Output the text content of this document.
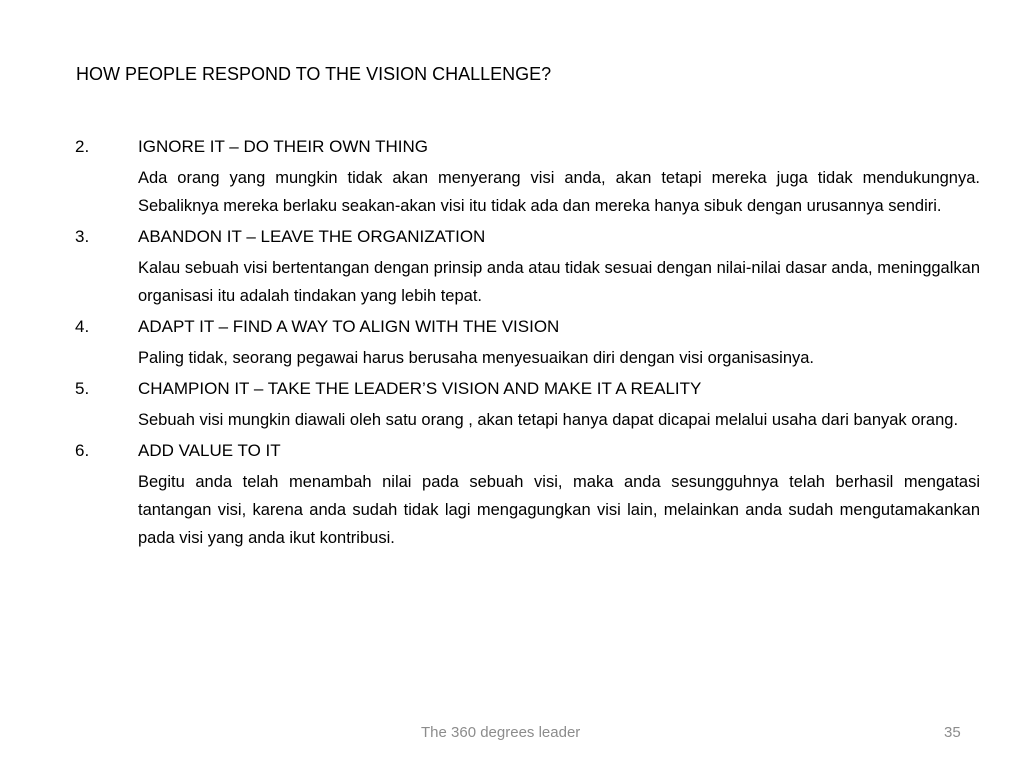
HOW PEOPLE RESPOND TO THE VISION CHALLENGE?
2.	IGNORE IT – DO THEIR OWN THING
Ada orang yang mungkin tidak akan menyerang visi anda, akan tetapi mereka juga tidak mendukungnya. Sebaliknya mereka berlaku seakan-akan visi itu tidak ada dan mereka hanya sibuk dengan urusannya sendiri.
3.	ABANDON IT – LEAVE THE ORGANIZATION
Kalau sebuah visi bertentangan dengan prinsip anda atau tidak sesuai dengan nilai-nilai dasar anda, meninggalkan organisasi itu adalah tindakan yang lebih tepat.
4.	ADAPT IT – FIND A WAY TO ALIGN WITH THE VISION
Paling tidak, seorang pegawai harus berusaha menyesuaikan diri dengan visi organisasinya.
5.	CHAMPION IT – TAKE THE LEADER’S VISION AND MAKE IT A REALITY
Sebuah visi mungkin diawali oleh satu orang , akan tetapi hanya dapat dicapai melalui usaha dari banyak orang.
6.	ADD VALUE TO IT
Begitu anda telah menambah nilai pada sebuah visi, maka anda sesungguhnya telah berhasil mengatasi tantangan visi, karena anda sudah tidak lagi mengagungkan visi lain, melainkan anda sudah mengutamakankan pada visi yang anda ikut kontribusi.
The 360 degrees leader	35
